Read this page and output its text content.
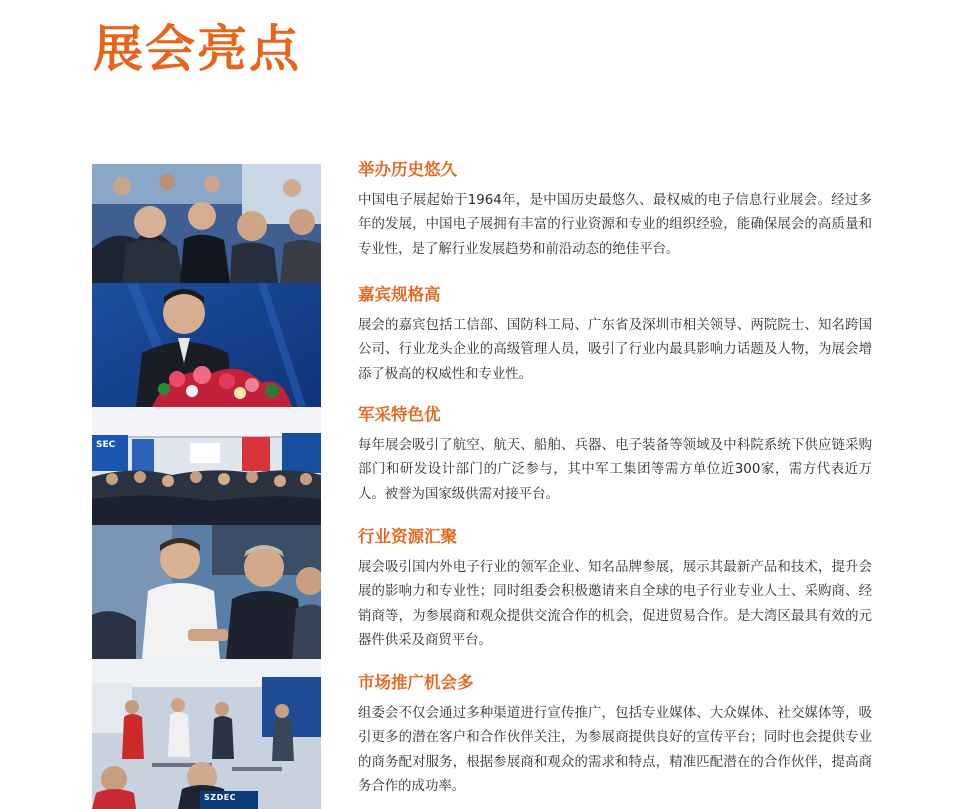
展会亮点
SEC
SZDEC
举办历史悠久

中国电子展起始于1964年，是中国历史最悠久、最权威的电子信息行业展会。经过多年的发展，中国电子展拥有丰富的行业资源和专业的组织经验，能确保展会的高质量和专业性，是了解行业发展趋势和前沿动态的绝佳平台。

嘉宾规格高

展会的嘉宾包括工信部、国防科工局、广东省及深圳市相关领导、两院院士、知名跨国公司、行业龙头企业的高级管理人员，吸引了行业内最具影响力话题及人物，为展会增添了极高的权威性和专业性。

军采特色优

每年展会吸引了航空、航天、船舶、兵器、电子装备等领域及中科院系统下供应链采购部门和研发设计部门的广泛参与，其中军工集团等需方单位近300家，需方代表近万人。被誉为国家级供需对接平台。

行业资源汇聚

展会吸引国内外电子行业的领军企业、知名品牌参展，展示其最新产品和技术，提升会展的影响力和专业性；同时组委会积极邀请来自全球的电子行业专业人士、采购商、经销商等，为参展商和观众提供交流合作的机会，促进贸易合作。是大湾区最具有效的元器件供采及商贸平台。

市场推广机会多

组委会不仅会通过多种渠道进行宣传推广，包括专业媒体、大众媒体、社交媒体等，吸引更多的潜在客户和合作伙伴关注，为参展商提供良好的宣传平台；同时也会提供专业的商务配对服务，根据参展商和观众的需求和特点，精准匹配潜在的合作伙伴，提高商务合作的成功率。
